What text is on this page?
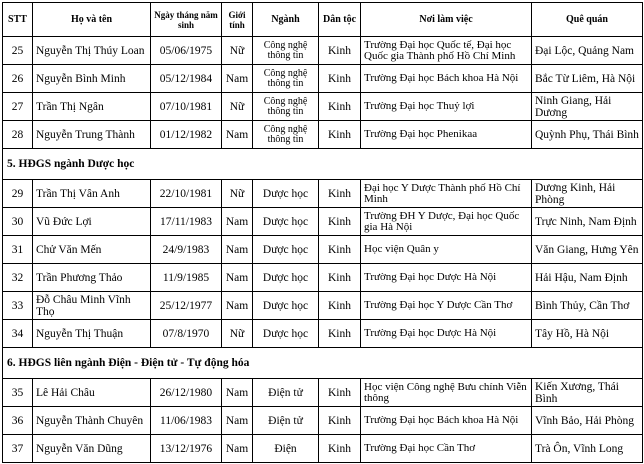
STT	Họ và tên	Ngày tháng năm sinh	Giới tính	Ngành	Dân tộc	Nơi làm việc	Quê quán
25	Nguyễn Thị Thúy Loan	05/06/1975	Nữ	Công nghệ thông tin	Kinh	Trường Đại học Quốc tế, Đại học Quốc gia Thành phố Hồ Chí Minh	Đại Lộc, Quảng Nam
26	Nguyễn Bình Minh	05/12/1984	Nam	Công nghệ thông tin	Kinh	Trường Đại học Bách khoa Hà Nội	Bắc Từ Liêm, Hà Nội
27	Trần Thị Ngân	07/10/1981	Nữ	Công nghệ thông tin	Kinh	Trường Đại học Thuỷ lợi	Ninh Giang, Hải Dương
28	Nguyễn Trung Thành	01/12/1982	Nam	Công nghệ thông tin	Kinh	Trường Đại học Phenikaa	Quỳnh Phụ, Thái Bình
5. HĐGS ngành Dược học							
29	Trần Thị Vân Anh	22/10/1981	Nữ	Dược học	Kinh	Đại học Y Dược Thành phố Hồ Chí Minh	Dương Kinh, Hải Phòng
30	Vũ Đức Lợi	17/11/1983	Nam	Dược học	Kinh	Trường ĐH Y Dược, Đại học Quốc gia Hà Nội	Trực Ninh, Nam Định
31	Chử Văn Mến	24/9/1983	Nam	Dược học	Kinh	Học viện Quân y	Văn Giang, Hưng Yên
32	Trần Phương Thảo	11/9/1985	Nam	Dược học	Kinh	Trường Đại học Dược Hà Nội	Hải Hậu, Nam Định
33	Đỗ Châu Minh Vĩnh Thọ	25/12/1977	Nam	Dược học	Kinh	Trường Đại học Y Dược Cần Thơ	Bình Thủy, Cần Thơ
34	Nguyễn Thị Thuận	07/8/1970	Nữ	Dược học	Kinh	Trường Đại học Dược Hà Nội	Tây Hồ, Hà Nội
6. HĐGS liên ngành Điện - Điện tử - Tự động hóa							
35	Lê Hải Châu	26/12/1980	Nam	Điện tử	Kinh	Học viện Công nghệ Bưu chính Viễn thông	Kiến Xương, Thái Bình
36	Nguyễn Thành Chuyên	11/06/1983	Nam	Điện tử	Kinh	Trường Đại học Bách khoa Hà Nội	Vĩnh Bảo, Hải Phòng
37	Nguyễn Văn Dũng	13/12/1976	Nam	Điện	Kinh	Trường Đại học Cần Thơ	Trà Ôn, Vĩnh Long
